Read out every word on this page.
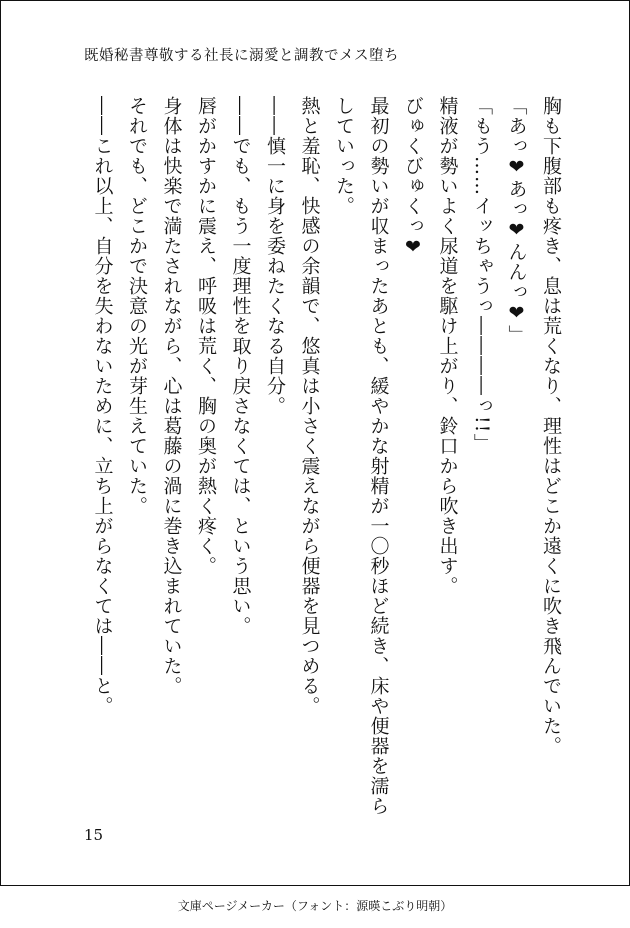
既婚秘書尊敬する社長に溺愛と調教でメス堕ち

胸も下腹部も疼き、息は荒くなり、理性はどこか遠くに吹き飛んでいた。

「あっ❤あっ❤んんっ❤」

「もう……イッちゃうっ――――っ!!」

精液が勢いよく尿道を駆け上がり、鈴口から吹き出す。

びゅくびゅくっ❤

最初の勢いが収まったあとも、緩やかな射精が一〇秒ほど続き、床や便器を濡らしていった。

熱と羞恥、快感の余韻で、悠真は小さく震えながら便器を見つめる。

――慎一に身を委ねたくなる自分。

――でも、もう一度理性を取り戻さなくては、という思い。

唇がかすかに震え、呼吸は荒く、胸の奥が熱く疼く。

身体は快楽で満たされながら、心は葛藤の渦に巻き込まれていた。

それでも、どこかで決意の光が芽生えていた。

――これ以上、自分を失わないために、立ち上がらなくては――と。

15
文庫ページメーカー（フォント：源暎こぶり明朝）
